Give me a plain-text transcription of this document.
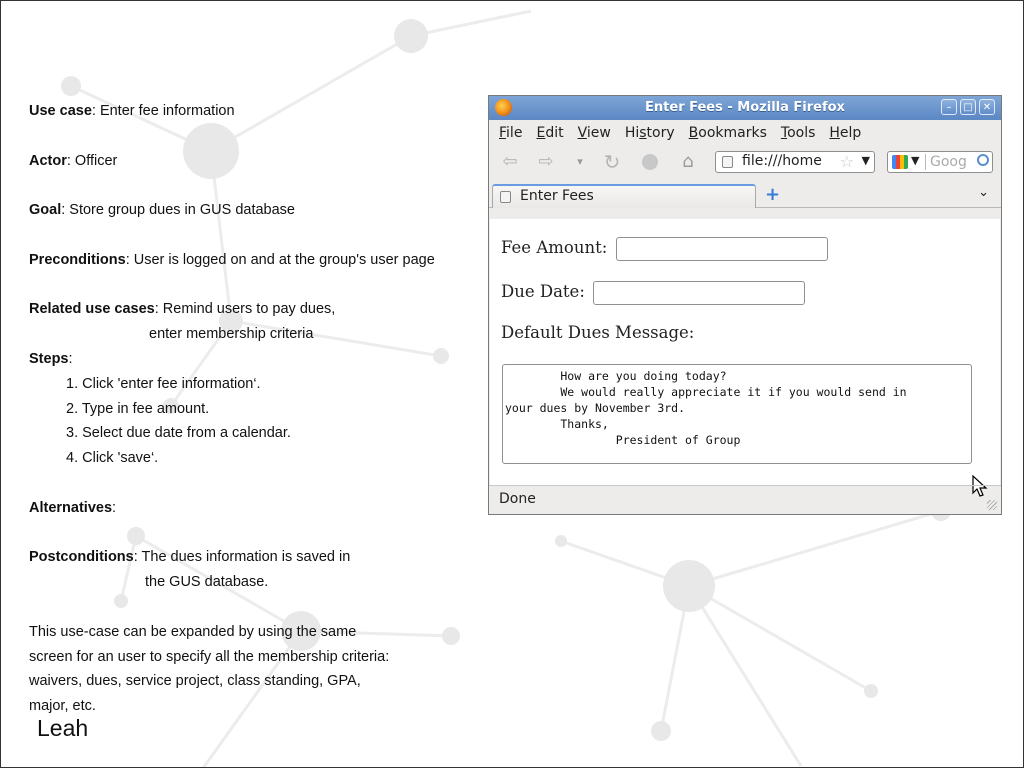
Use case: Enter fee information
Actor: Officer
Goal: Store group dues in GUS database
Preconditions: User is logged on and at the group's user page
Related use cases: Remind users to pay dues,
enter membership criteria
Steps:
1. Click 'enter fee information‘.
2. Type in fee amount.
3. Select due date from a calendar.
4. Click 'save‘.
Alternatives:
Postconditions: The dues information is saved in
the GUS database.
This use-case can be expanded by using the same
screen for an user to specify all the membership criteria:
waivers, dues, service project, class standing, GPA,
major, etc.
Leah
Enter Fees - Mozilla Firefox	–	□	✕
File Edit View History Bookmarks Tools Help
⇦ ⇨	▾	↻	⌂	file:///home ☆ ▼	▼ Goog
Enter Fees	+	⌄
Fee Amount:
Due Date:
Default Dues Message:
How are you doing today?
We would really appreciate it if you would send in
your dues by November 3rd.
Thanks,
President of Group
Done
